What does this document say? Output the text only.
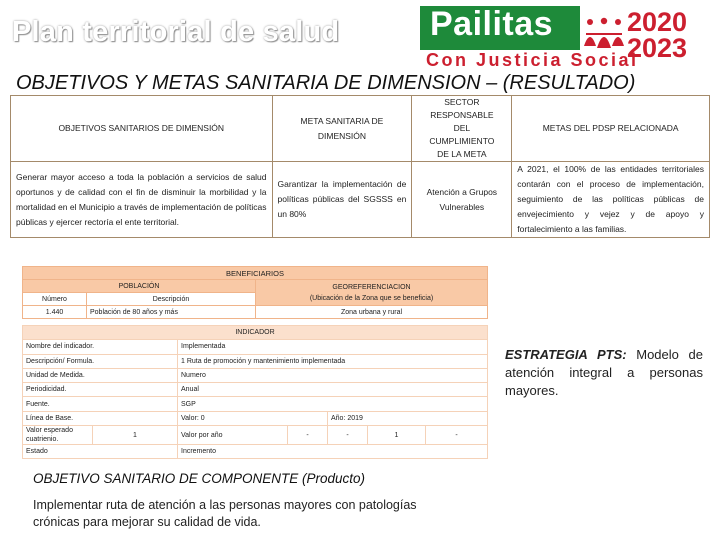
Plan territorial de salud	Pailitas	2020
2023
Con Justicia Social
OBJETIVOS Y METAS SANITARIA DE DIMENSION – (RESULTADO)
OBJETIVOS SANITARIOS DE DIMENSIÓN	META SANITARIA DE DIMENSIÓN	SECTOR RESPONSABLE DEL CUMPLIMIENTO DE LA META	METAS DEL PDSP RELACIONADA
Generar mayor acceso a toda la población a servicios de salud oportunos y de calidad con el fin de disminuir la morbilidad y la mortalidad en el Municipio a través de implementación de políticas públicas y ejercer rectoría el ente territorial.	Garantizar la implementación de políticas públicas del SGSSS en un 80%	Atención a Grupos Vulnerables	A 2021, el 100% de las entidades territoriales contarán con el proceso de implementación, seguimiento de las políticas públicas de envejecimiento y vejez y de apoyo y fortalecimiento a las familias.
BENEFICIARIOS		
POBLACIÓN		GEOREFERENCIACION
(Ubicación de la Zona que se beneficia)

Número	Descripción	
1.440	Población de 80 años y más	Zona urbana y rural
INDICADOR						
Nombre del indicador.		Implementada				
Descripción/ Formula.		1 Ruta de promoción y mantenimiento implementada				
Unidad de Medida.		Numero				
Periodicidad.		Anual				
Fuente.		SGP				
Línea de Base.		Valor: 0		Año: 2019		
Valor esperado cuatrienio.	1	Valor por año	-	-	1	-
Estado		Incremento				
ESTRATEGIA PTS: Modelo de atención integral a personas mayores.
OBJETIVO SANITARIO DE COMPONENTE (Producto)
Implementar ruta de atención a las personas mayores con patologías crónicas para mejorar su calidad de vida.
